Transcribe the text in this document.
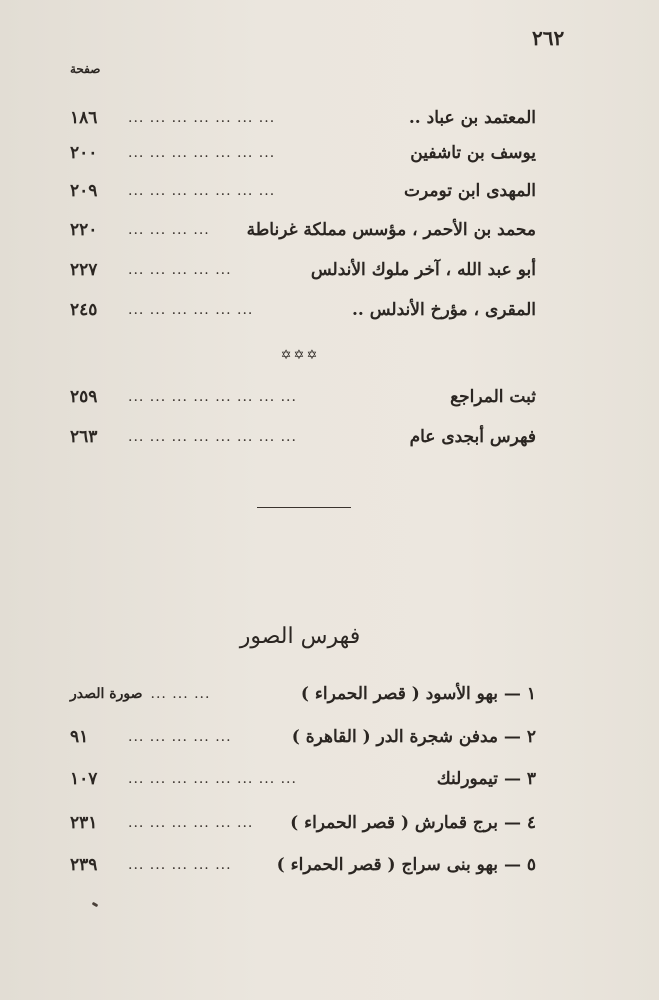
٢٦٢
صفحة
المعتمد بن عباد ..
... ... ... ... ... ... ...
١٨٦
يوسف بن تاشفين
... ... ... ... ... ... ...
٢٠٠
المهدى ابن تومرت
... ... ... ... ... ... ...
٢٠٩
محمد بن الأحمر ، مؤسس مملكة غرناطة
... ... ... ...
٢٢٠
أبو عبد الله ، آخر ملوك الأندلس
... ... ... ... ...
٢٢٧
المقرى ، مؤرخ الأندلس ..
... ... ... ... ... ...
٢٤٥
✡✡✡
ثبت المراجع
... ... ... ... ... ... ... ...
٢٥٩
فهرس أبجدى عام
... ... ... ... ... ... ... ...
٢٦٣
فهرس الصور
١ — بهو الأسود ( قصر الحمراء )
... ... ...
صورة الصدر
٢ — مدفن شجرة الدر ( القاهرة )
... ... ... ... ...
٩١
٣ — تيمورلنك
... ... ... ... ... ... ... ...
١٠٧
٤ — برج قمارش ( قصر الحمراء )
... ... ... ... ... ...
٢٣١
٥ — بهو بنى سراج ( قصر الحمراء )
... ... ... ... ...
٢٣٩
